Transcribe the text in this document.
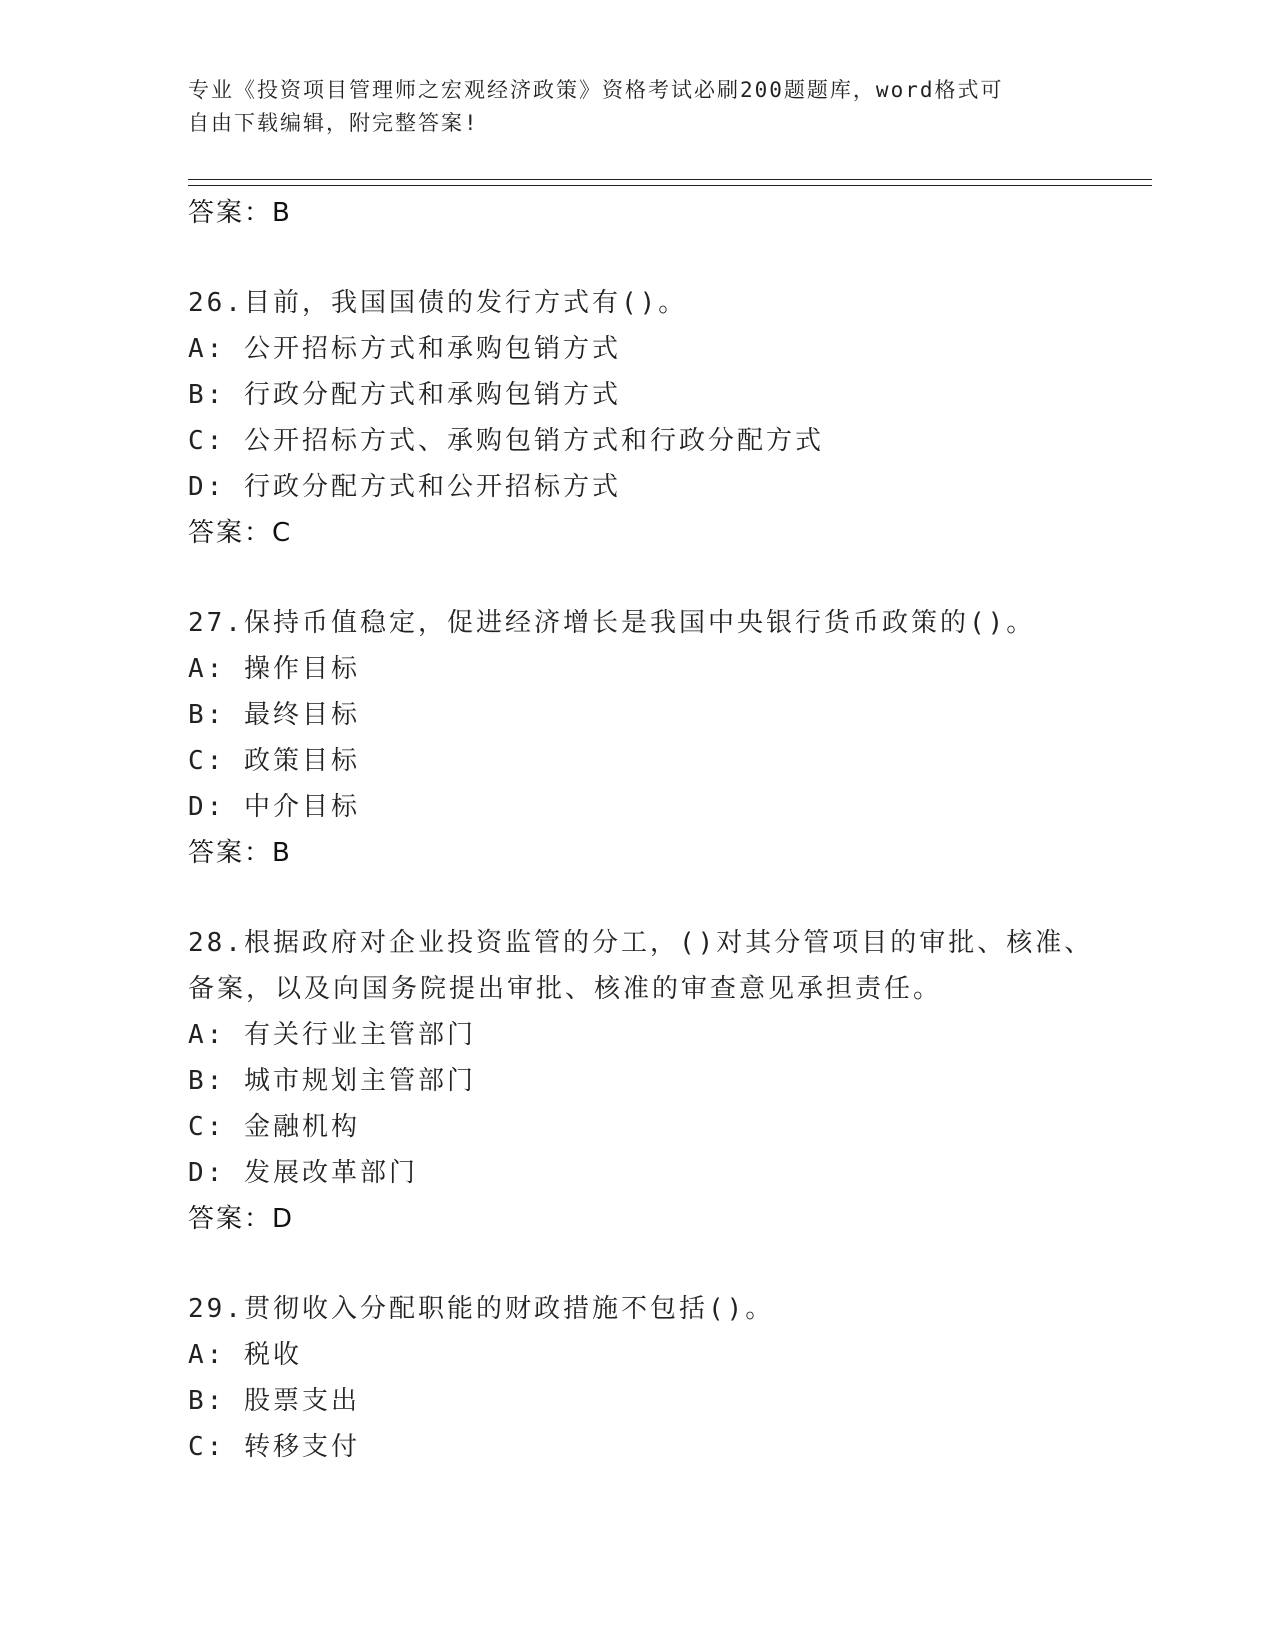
专业《投资项目管理师之宏观经济政策》资格考试必刷200题题库，word格式可
自由下载编辑，附完整答案!
答案：B
26.目前，我国国债的发行方式有()。
A: 公开招标方式和承购包销方式
B: 行政分配方式和承购包销方式
C: 公开招标方式、承购包销方式和行政分配方式
D: 行政分配方式和公开招标方式
答案：C
27.保持币值稳定，促进经济增长是我国中央银行货币政策的()。
A: 操作目标
B: 最终目标
C: 政策目标
D: 中介目标
答案：B
28.根据政府对企业投资监管的分工，()对其分管项目的审批、核准、
备案，以及向国务院提出审批、核准的审查意见承担责任。
A: 有关行业主管部门
B: 城市规划主管部门
C: 金融机构
D: 发展改革部门
答案：D
29.贯彻收入分配职能的财政措施不包括()。
A: 税收
B: 股票支出
C: 转移支付
